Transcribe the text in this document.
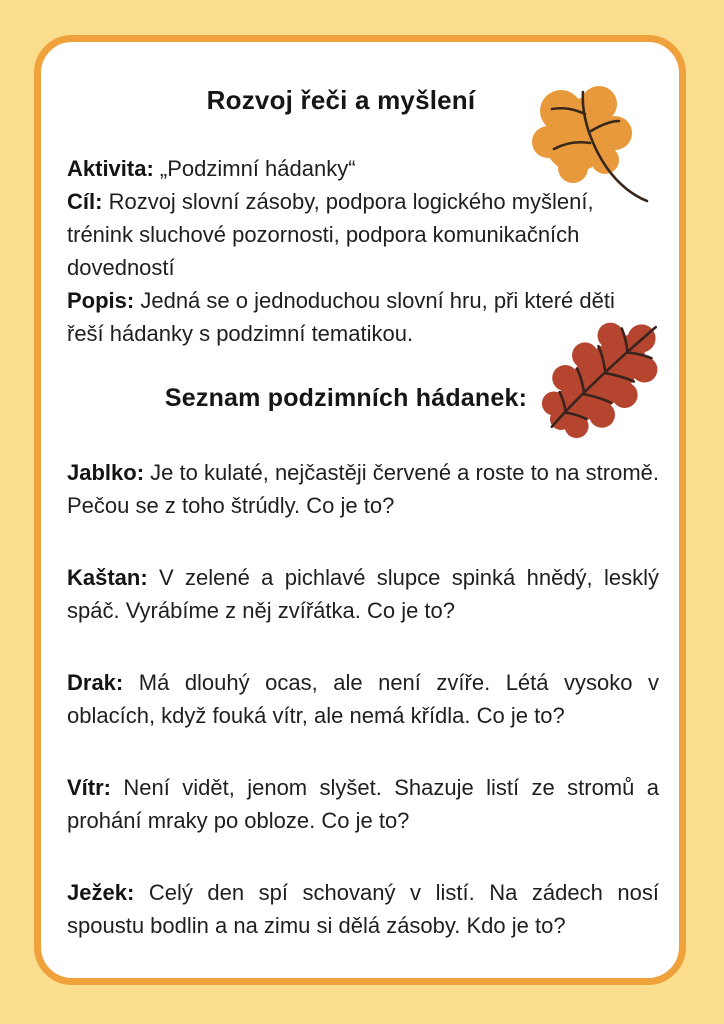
Rozvoj řeči a myšlení

Aktivita: „Podzimní hádanky“

Cíl: Rozvoj slovní zásoby, podpora logického myšlení, trénink sluchové pozornosti, podpora komunikačních dovedností

Popis: Jedná se o jednoduchou slovní hru, při které děti řeší hádanky s podzimní tematikou.

Seznam podzimních hádanek:

Jablko: Je to kulaté, nejčastěji červené a roste to na stromě. Pečou se z toho štrúdly. Co je to?

Kaštan: V zelené a pichlavé slupce spinká hnědý, lesklý spáč. Vyrábíme z něj zvířátka. Co je to?

Drak: Má dlouhý ocas, ale není zvíře. Létá vysoko v oblacích, když fouká vítr, ale nemá křídla. Co je to?

Vítr: Není vidět, jenom slyšet. Shazuje listí ze stromů a prohání mraky po obloze. Co je to?

Ježek: Celý den spí schovaný v listí. Na zádech nosí spoustu bodlin a na zimu si dělá zásoby. Kdo je to?
